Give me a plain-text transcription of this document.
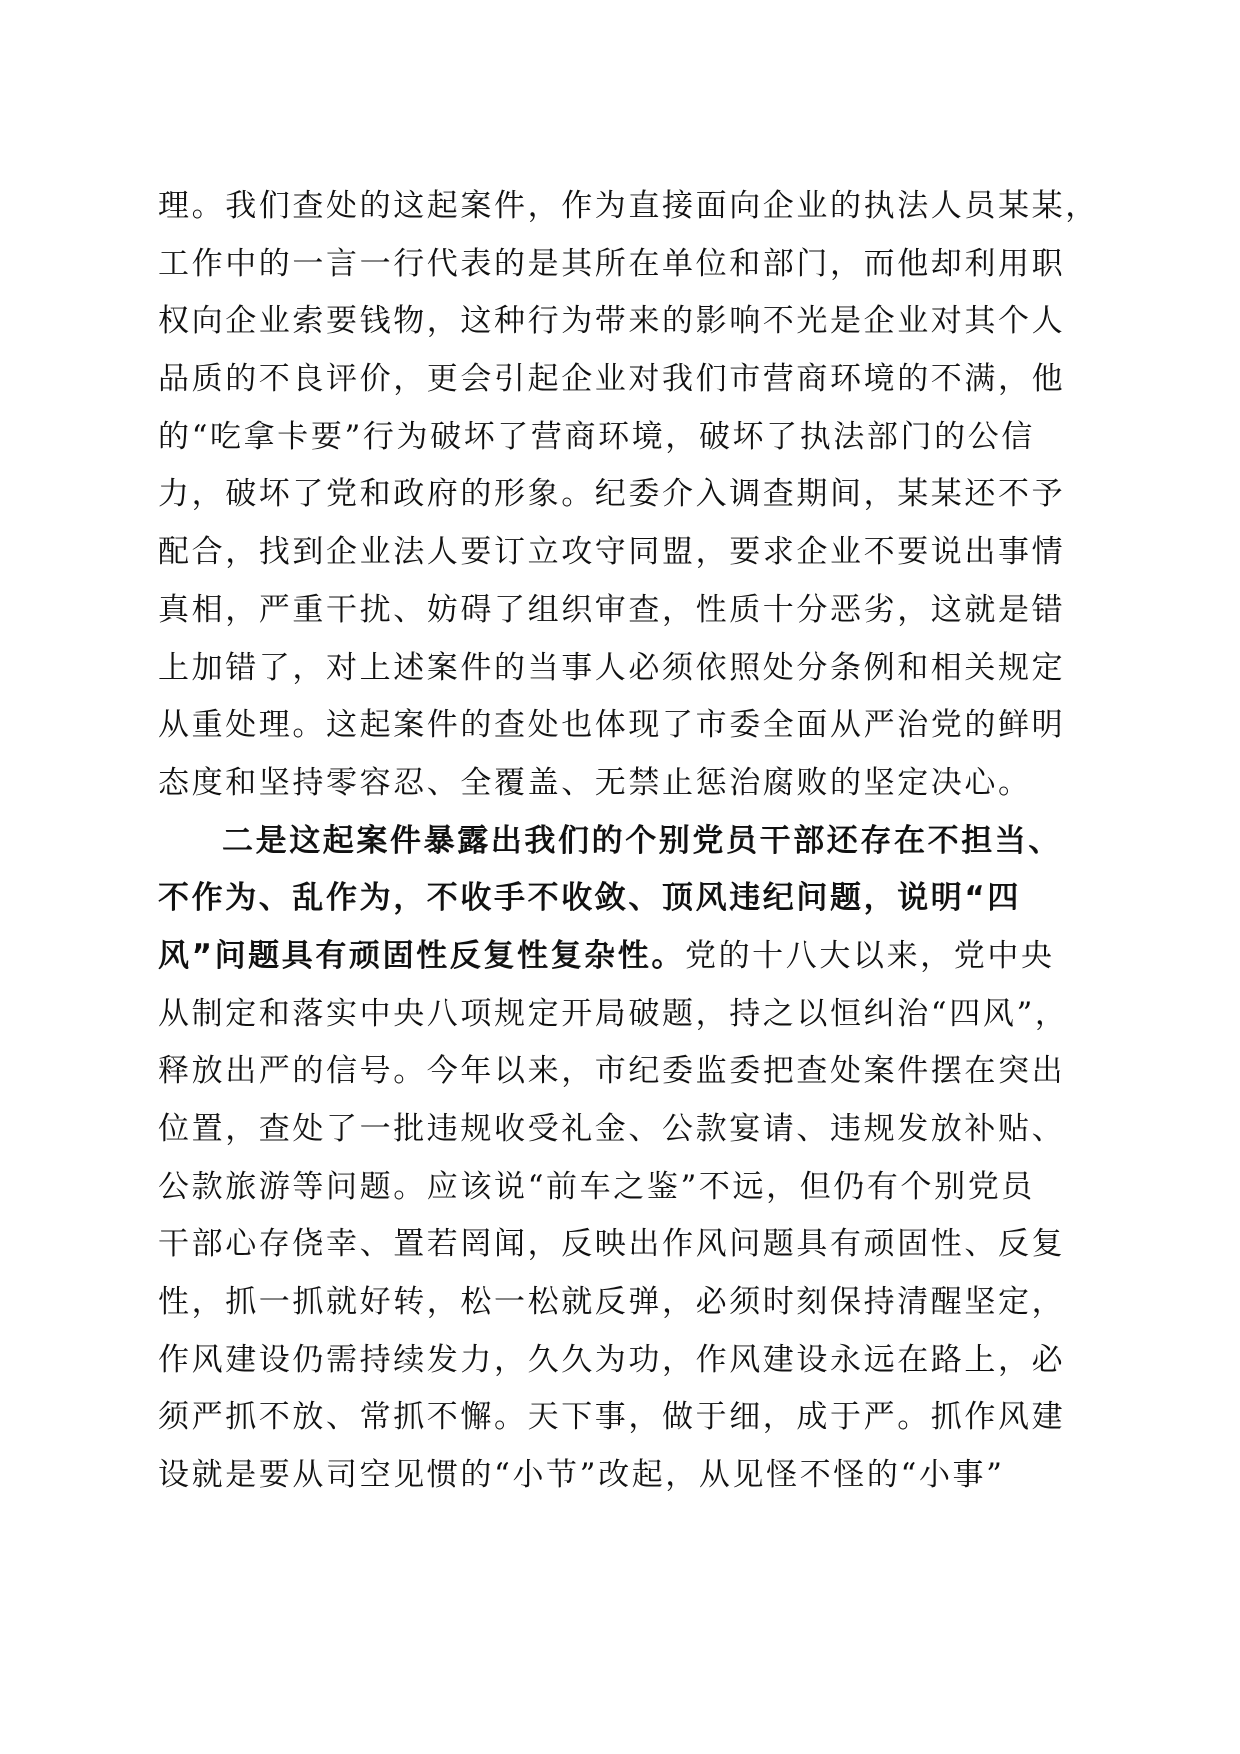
理。我们查处的这起案件，作为直接面向企业的执法人员某某，
工作中的一言一行代表的是其所在单位和部门，而他却利用职
权向企业索要钱物，这种行为带来的影响不光是企业对其个人
品质的不良评价，更会引起企业对我们市营商环境的不满，他
的“吃拿卡要”行为破坏了营商环境，破坏了执法部门的公信
力，破坏了党和政府的形象。纪委介入调查期间，某某还不予
配合，找到企业法人要订立攻守同盟，要求企业不要说出事情
真相，严重干扰、妨碍了组织审查，性质十分恶劣，这就是错
上加错了，对上述案件的当事人必须依照处分条例和相关规定
从重处理。这起案件的查处也体现了市委全面从严治党的鲜明
态度和坚持零容忍、全覆盖、无禁止惩治腐败的坚定决心。
二是这起案件暴露出我们的个别党员干部还存在不担当、
不作为、乱作为，不收手不收敛、顶风违纪问题，说明“四
风”问题具有顽固性反复性复杂性。党的十八大以来，党中央
从制定和落实中央八项规定开局破题，持之以恒纠治“四风”，
释放出严的信号。今年以来，市纪委监委把查处案件摆在突出
位置，查处了一批违规收受礼金、公款宴请、违规发放补贴、
公款旅游等问题。应该说“前车之鉴”不远，但仍有个别党员
干部心存侥幸、置若罔闻，反映出作风问题具有顽固性、反复
性，抓一抓就好转，松一松就反弹，必须时刻保持清醒坚定，
作风建设仍需持续发力，久久为功，作风建设永远在路上，必
须严抓不放、常抓不懈。天下事，做于细，成于严。抓作风建
设就是要从司空见惯的“小节”改起，从见怪不怪的“小事”
